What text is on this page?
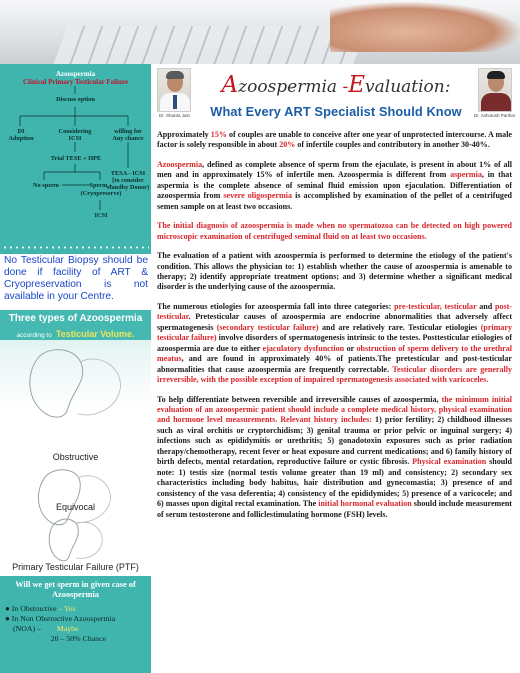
Azoospermia
Clinical Primary Testicular Failure
Discuss option
DI
Adoption
Considering
ICSI
willing for
Any chance
Trial TESE + HPE
TESA - ICSI
[to consider
standby Donor)
No sperm	Sperm +
(Cryopreserve)
ICSI
No Testicular Biopsy should be done if facility of ART & Cryopreservation is not available in your Centre.
Three types of Azoospermia
according to Testicular Volume.
Obstructive
Equivocal
Primary Testicular Failure (PTF)
Will we get sperm in given case of Azoospermia
● In Obstructive – Yes
● In Non Obstructive Azoospermia
(NOA) – Maybe
20 – 50% Chance
Dr. Sharda Jain	Dr. Ashutosh Parihar
Azoospermia -Evaluation:
What Every ART Specialist Should Know

Approximately 15% of couples are unable to conceive after one year of unprotected intercourse. A male factor is solely responsible in about 20% of infertile couples and contributory in another 30-40%.

Azoospermia, defined as complete absence of sperm from the ejaculate, is present in about 1% of all men and in approximately 15% of infertile men. Azoospermia is different from aspermia, in that aspermia is the complete absence of seminal fluid emission upon ejaculation. Differentiation of azoospermia from severe oligospermia is accomplished by examination of the pellet of a centrifuged semen sample on at least two occasions.

The initial diagnosis of azoospermia is made when no spermatozoa can be detected on high powered microscopic examination of centrifuged seminal fluid on at least two occasions.

The evaluation of a patient with azoospermia is performed to determine the etiology of the patient's condition. This allows the physician to: 1) establish whether the cause of azoospermia is amenable to therapy; 2) identify appropriate treatment options; and 3) determine whether a significant medical disorder is the underlying cause of the azoospermia.

The numerous etiologies for azoospermia fall into three categories: pre-testicular, testicular and post-testicular. Pretesticular causes of azoospermia are endocrine abnormalities that adversely affect spermatogenesis (secondary testicular failure) and are relatively rare. Testicular etiologies (primary testicular failure) involve disorders of spermatogenesis intrinsic to the testes. Posttesticular etiologies of azoospermia are due to either ejaculatory dysfunction or obstruction of sperm delivery to the urethral meatus, and are found in approximately 40% of patients.The pretesticular and post-testicular abnormalities that cause azoospermia are frequently correctable. Testicular disorders are generally irreversible, with the possible exception of impaired spermatogenesis associated with varicoceles.

To help differentiate between reversible and irreversible causes of azoospermia, the minimum initial evaluation of an azoospermic patient should include a complete medical history, physical examination and hormone level measurements. Relevant history includes: 1) prior fertility; 2) childhood illnesses such as viral orchitis or cryptorchidism; 3) genital trauma or prior pelvic or inguinal surgery; 4) infections such as epididymitis or urethritis; 5) gonadotoxin exposures such as prior radiation therapy/chemotherapy, recent fever or heat exposure and current medications; and 6) family history of birth defects, mental retardation, reproductive failure or cystic fibrosis. Physical examination should note: 1) testis size (normal testis volume greater than 19 ml) and consistency; 2) secondary sex characteristics including body habitus, hair distribution and gynecomastia; 3) presence of and consistency of the vasa deferentia; 4) consistency of the epididymides; 5) presence of a varicocele; and 6) masses upon digital rectal examination. The initial hormonal evaluation should include measurement of serum testosterone and folliclestimulating hormone (FSH) levels.
